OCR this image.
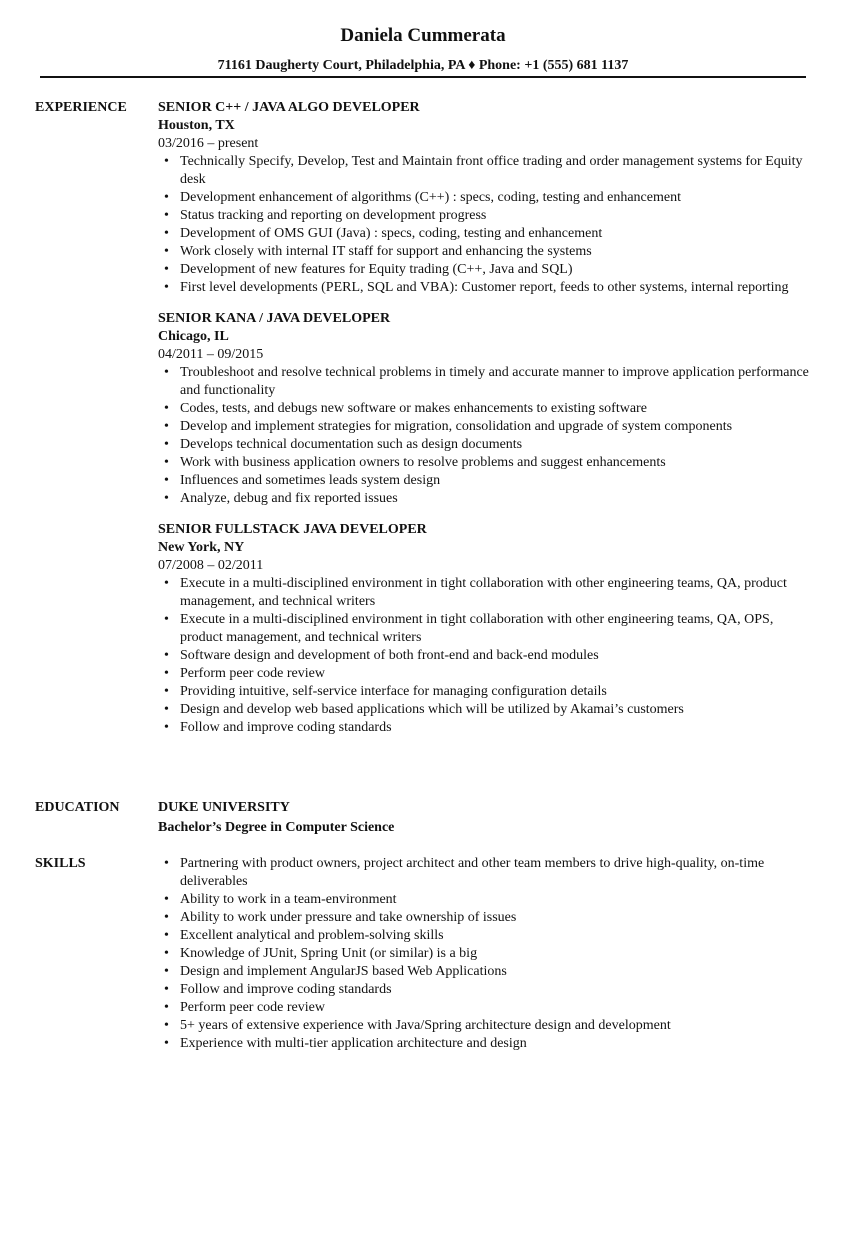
Daniela Cummerata
71161 Daugherty Court, Philadelphia, PA ♦ Phone: +1 (555) 681 1137
EXPERIENCE SENIOR C++ / JAVA ALGO DEVELOPER
Houston, TX
03/2016 – present
• Technically Specify, Develop, Test and Maintain front office trading and order management systems for Equity desk
• Development enhancement of algorithms (C++) : specs, coding, testing and enhancement
• Status tracking and reporting on development progress
• Development of OMS GUI (Java) : specs, coding, testing and enhancement
• Work closely with internal IT staff for support and enhancing the systems
• Development of new features for Equity trading (C++, Java and SQL)
• First level developments (PERL, SQL and VBA): Customer report, feeds to other systems, internal reporting
SENIOR KANA / JAVA DEVELOPER
Chicago, IL
04/2011 – 09/2015
• Troubleshoot and resolve technical problems in timely and accurate manner to improve application performance and functionality
• Codes, tests, and debugs new software or makes enhancements to existing software
• Develop and implement strategies for migration, consolidation and upgrade of system components
• Develops technical documentation such as design documents
• Work with business application owners to resolve problems and suggest enhancements
• Influences and sometimes leads system design
• Analyze, debug and fix reported issues
SENIOR FULLSTACK JAVA DEVELOPER
New York, NY
07/2008 – 02/2011
• Execute in a multi-disciplined environment in tight collaboration with other engineering teams, QA, product management, and technical writers
• Execute in a multi-disciplined environment in tight collaboration with other engineering teams, QA, OPS, product management, and technical writers
• Software design and development of both front-end and back-end modules
• Perform peer code review
• Providing intuitive, self-service interface for managing configuration details
• Design and develop web based applications which will be utilized by Akamai’s customers
• Follow and improve coding standards
EDUCATION	DUKE UNIVERSITY
Bachelor’s Degree in Computer Science
SKILLS	• Partnering with product owners, project architect and other team members to drive high-quality, on-time deliverables
• Ability to work in a team-environment
• Ability to work under pressure and take ownership of issues
• Excellent analytical and problem-solving skills
• Knowledge of JUnit, Spring Unit (or similar) is a big
• Design and implement AngularJS based Web Applications
• Follow and improve coding standards
• Perform peer code review
• 5+ years of extensive experience with Java/Spring architecture design and development
• Experience with multi-tier application architecture and design
